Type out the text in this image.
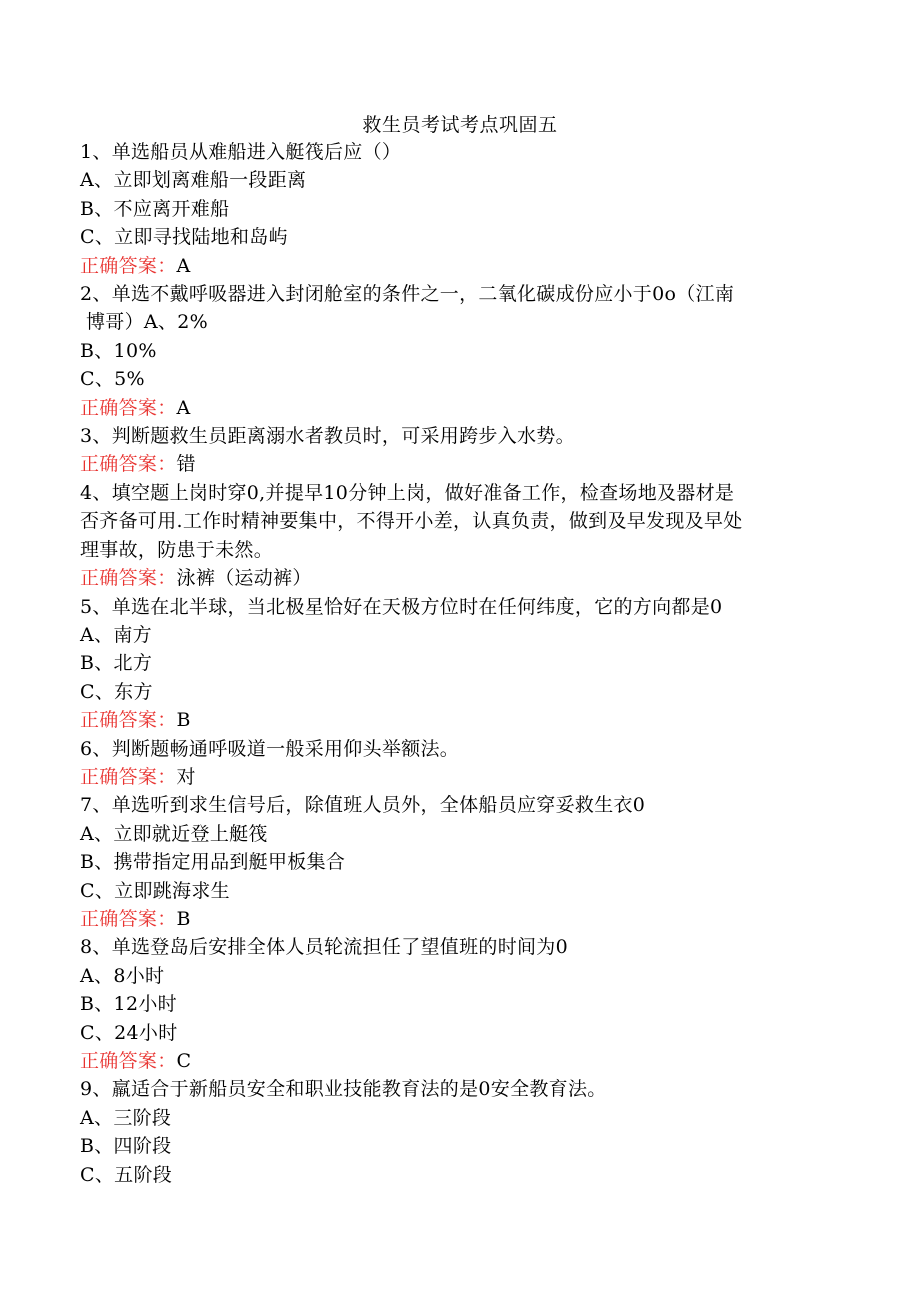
救生员考试考点巩固五
1、单选船员从难船进入艇筏后应（）
A、立即划离难船一段距离
B、不应离开难船
C、立即寻找陆地和岛屿
正确答案：A
2、单选不戴呼吸器进入封闭舱室的条件之一，二氧化碳成份应小于0o（江南
博哥）A、2%
B、10%
C、5%
正确答案：A
3、判断题救生员距离溺水者教员时，可采用跨步入水势。
正确答案：错
4、填空题上岗时穿0,并提早10分钟上岗，做好准备工作，检查场地及器材是
否齐备可用.工作时精神要集中，不得开小差，认真负责，做到及早发现及早处
理事故，防患于未然。
正确答案：泳裤（运动裤）
5、单选在北半球，当北极星恰好在天极方位时在任何纬度，它的方向都是0
A、南方
B、北方
C、东方
正确答案：B
6、判断题畅通呼吸道一般采用仰头举额法。
正确答案：对
7、单选听到求生信号后，除值班人员外，全体船员应穿妥救生衣0
A、立即就近登上艇筏
B、携带指定用品到艇甲板集合
C、立即跳海求生
正确答案：B
8、单选登岛后安排全体人员轮流担任了望值班的时间为0
A、8小时
B、12小时
C、24小时
正确答案：C
9、羸适合于新船员安全和职业技能教育法的是0安全教育法。
A、三阶段
B、四阶段
C、五阶段
